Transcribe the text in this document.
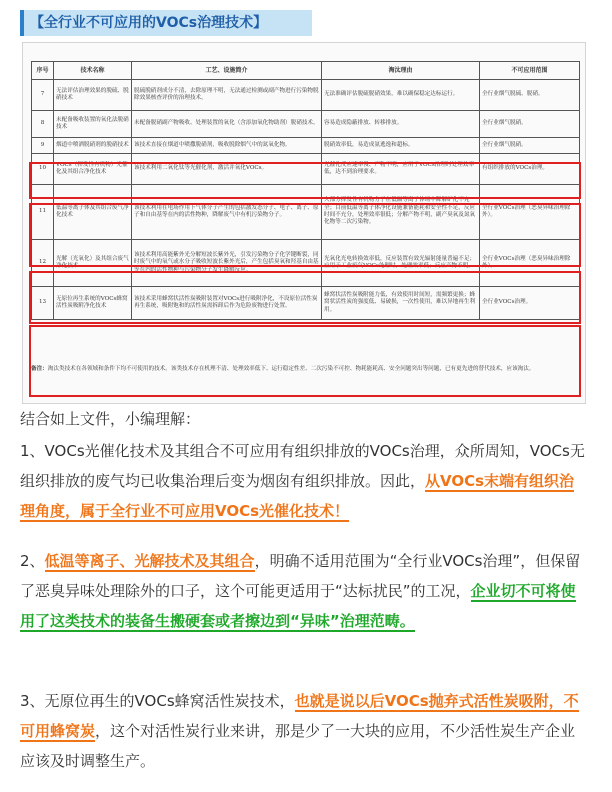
【全行业不可应用的VOCs治理技术】
序号	技术名称	工艺、设施简介	淘汰理由	不可应用范围
7	无法评估治理效果的脱硫、脱硝技术	脱硫脱硝剂成分不清，去除原理不明，无法通过检测或副产物进行污染物脱除效果核查评价的治理技术。	无法准确评估脱硫脱硝效果，难以确保稳定达标运行。	全行业烟气脱硫、脱硝。
8	未配备吸收装置的氧化法脱硝技术	未配备脱硝副产物吸收、处理装置的氧化（含添加氧化物助剂）脱硝技术。	容易造成隐蔽排放、转移排放。	全行业烟气脱硝。
9	烟道中喷洒脱硝剂的脱硝技术	该技术直接在烟道中喷撒脱硝剂，吸收脱除烟气中的氮氧化物。	脱硝效率低，易造成氨逃逸和超标。	全行业烟气脱硝。
10	VOCs（挥发性有机物）光催化及其组合净化技术	该技术利用二氧化钛等光催化剂，激活并氧化VOCs。	光催化反应速率慢、产物不明，应用于VOCs治理时处理效率低，达不到治理要求。	有组织排放的VOCs治理。
11	低温等离子体及其组合废气净化技术	该技术利用在电场作用下气体分子产生的包括激发态分子、电子、离子、原子和自由基等在内的活性物种，降解废气中有机污染物分子。	大部分挥发性有机物分子在低温等离子体场中降解矿化不完全；目前低温等离子体净化设施兼备能耗和安全性不足，反应时间不充分，处理效率很低；分解产物不明，副产臭氧及氮氧化物等二次污染物。	全行业VOCs治理（恶臭异味治理除外）。
12	光解（光氧化）及其组合废气净化技术	该技术利用高能紫外光分解短波长紫外光，引发污染物分子化学键断裂，同时废气中的氧气或水分子吸收短波长紫外光后，产生包括臭氧和羟基自由基等在内的活性物种与污染物分子发生降解反应。	光氧化光电转换效率低，反应装置有效光辐射能量普遍不足；应用于工业废气VOCs处理时，处理效率低；反应产物不明。	全行业VOCs治理（恶臭异味治理除外）。
13	无原位再生系统的VOCs蜂窝活性炭吸附净化技术	该技术采用蜂窝状活性炭吸附装置对VOCs进行吸附净化，不设原位活性炭再生系统，吸附饱和的活性炭需拆卸后作为危险废物进行处置。	蜂窝状活性炭吸附能力低，有效使用时间短，需频繁更换；蜂窝状活性炭的强度低、易破损，一次性使用，难以异地再生利用。	全行业VOCs治理。
备注：淘汰类技术在各领域和条件下均不可使用的技术。该类技术存在机理不清、处理效率低下、运行稳定性差、二次污染不可控、物耗能耗高、安全问题突出等问题，已有更先进的替代技术，应该淘汰。
结合如上文件，小编理解：
1、VOCs光催化技术及其组合不可应用有组织排放的VOCs治理，众所周知，VOCs无组织排放的废气均已收集治理后变为烟囱有组织排放。因此，从VOCs末端有组织治理角度，属于全行业不可应用VOCs光催化技术！
2、低温等离子、光解技术及其组合，明确不适用范围为“全行业VOCs治理”，但保留了恶臭异味处理除外的口子，这个可能更适用于“达标扰民”的工况，企业切不可将使用了这类技术的装备生搬硬套或者擦边到“异味”治理范畴。
3、无原位再生的VOCs蜂窝活性炭技术，也就是说以后VOCs抛弃式活性炭吸附，不可用蜂窝炭，这个对活性炭行业来讲，那是少了一大块的应用，不少活性炭生产企业应该及时调整生产。
